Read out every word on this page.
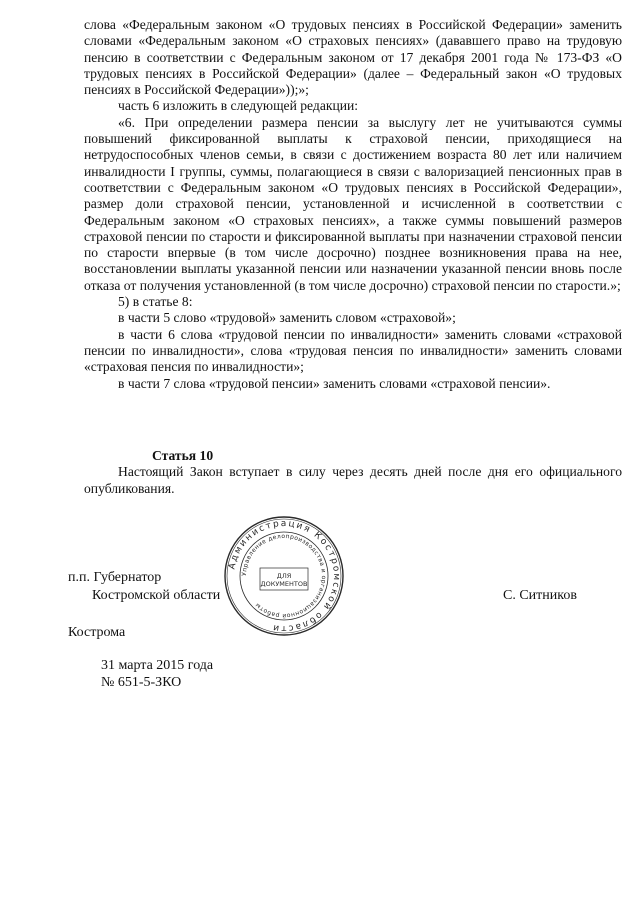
слова «Федеральным законом «О трудовых пенсиях в Российской Федерации» заменить словами «Федеральным законом «О страховых пенсиях» (дававшего право на трудовую пенсию в соответствии с Федеральным законом от 17 декабря 2001 года № 173-ФЗ «О трудовых пенсиях в Российской Федерации» (далее – Федеральный закон «О трудовых пенсиях в Российской Федерации»));»;

часть 6 изложить в следующей редакции:

«6. При определении размера пенсии за выслугу лет не учитываются суммы повышений фиксированной выплаты к страховой пенсии, приходящиеся на нетрудоспособных членов семьи, в связи с достижением возраста 80 лет или наличием инвалидности I группы, суммы, полагающиеся в связи с валоризацией пенсионных прав в соответствии с Федеральным законом «О трудовых пенсиях в Российской Федерации», размер доли страховой пенсии, установленной и исчисленной в соответствии с Федеральным законом «О страховых пенсиях», а также суммы повышений размеров страховой пенсии по старости и фиксированной выплаты при назначении страховой пенсии по старости впервые (в том числе досрочно) позднее возникновения права на нее, восстановлении выплаты указанной пенсии или назначении указанной пенсии вновь после отказа от получения установленной (в том числе досрочно) страховой пенсии по старости.»;

5) в статье 8:

в части 5 слово «трудовой» заменить словом «страховой»;

в части 6 слова «трудовой пенсии по инвалидности» заменить словами «страховой пенсии по инвалидности», слова «трудовая пенсия по инвалидности» заменить словами «страховая пенсия по инвалидности»;

в части 7 слова «трудовой пенсии» заменить словами «страховой пенсии».

Статья 10

Настоящий Закон вступает в силу через десять дней после дня его официального опубликования.

Администрация Костромской области
Управление делопроизводства и организационной работы
ДЛЯ
ДОКУМЕНТОВ
п.п. Губернатор
Костромской области	С. Ситников
Кострома
31 марта 2015 года
№ 651-5-ЗКО
